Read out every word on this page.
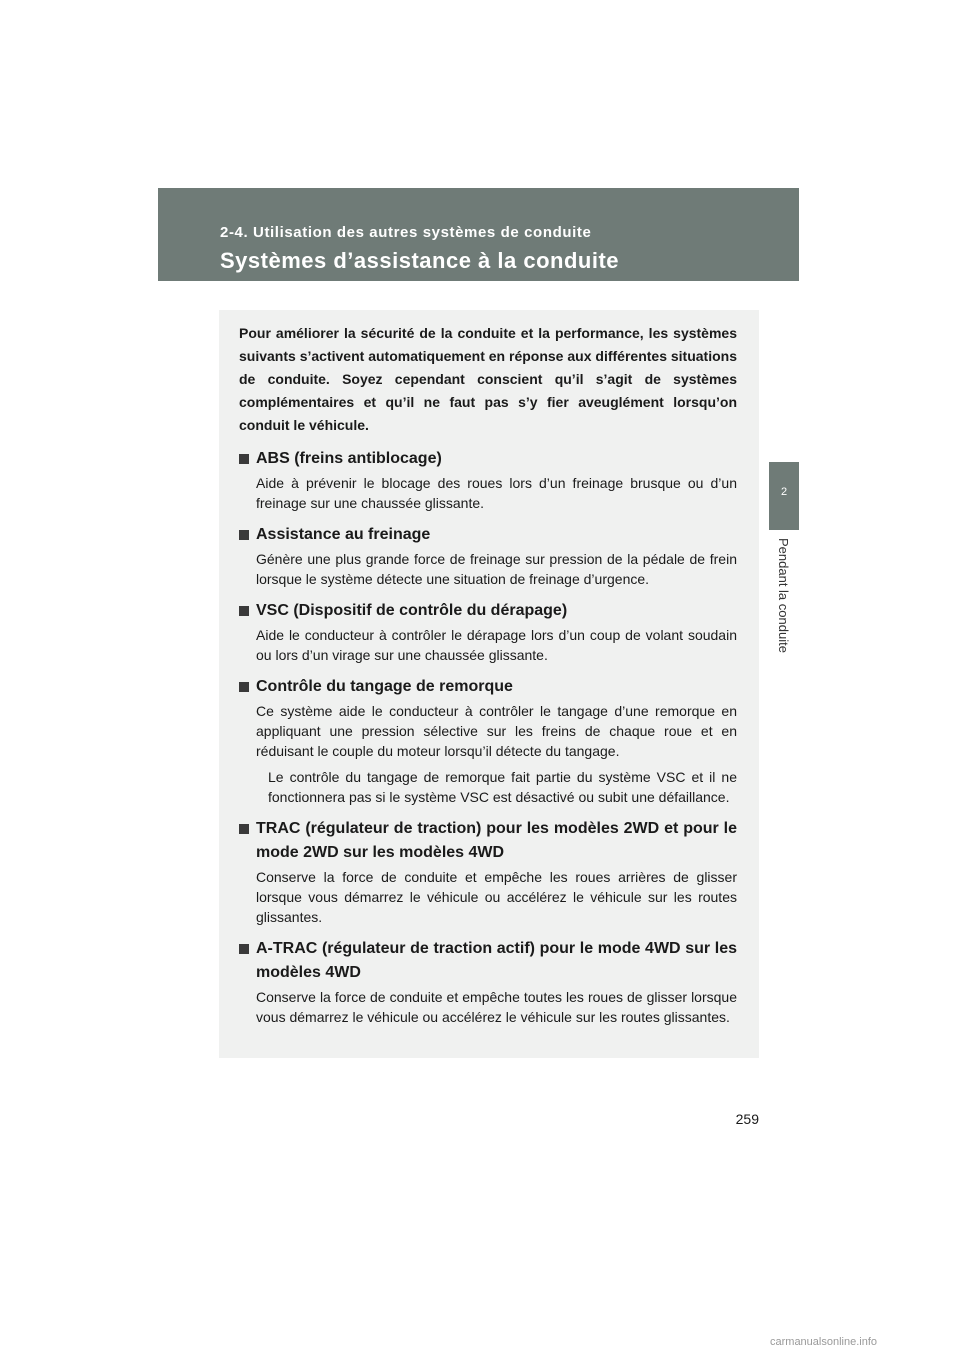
2-4. Utilisation des autres systèmes de conduite
Systèmes d’assistance à la conduite
2
Pendant la conduite

Pour améliorer la sécurité de la conduite et la performance, les systèmes suivants s’activent automatiquement en réponse aux différentes situations de conduite. Soyez cependant conscient qu’il s’agit de systèmes complémentaires et qu’il ne faut pas s’y fier aveuglément lorsqu’on conduit le véhicule.

ABS (freins antiblocage)

Aide à prévenir le blocage des roues lors d’un freinage brusque ou d’un freinage sur une chaussée glissante.

Assistance au freinage

Génère une plus grande force de freinage sur pression de la pédale de frein lorsque le système détecte une situation de freinage d’urgence.

VSC (Dispositif de contrôle du dérapage)

Aide le conducteur à contrôler le dérapage lors d’un coup de volant soudain ou lors d’un virage sur une chaussée glissante.

Contrôle du tangage de remorque

Ce système aide le conducteur à contrôler le tangage d’une remorque en appliquant une pression sélective sur les freins de chaque roue et en réduisant le couple du moteur lorsqu’il détecte du tangage.

Le contrôle du tangage de remorque fait partie du système VSC et il ne fonctionnera pas si le système VSC est désactivé ou subit une défaillance.

TRAC (régulateur de traction) pour les modèles 2WD et pour le mode 2WD sur les modèles 4WD

Conserve la force de conduite et empêche les roues arrières de glisser lorsque vous démarrez le véhicule ou accélérez le véhicule sur les routes glissantes.

A-TRAC (régulateur de traction actif) pour le mode 4WD sur les modèles 4WD

Conserve la force de conduite et empêche toutes les roues de glisser lorsque vous démarrez le véhicule ou accélérez le véhicule sur les routes glissantes.

259
carmanualsonline.info
